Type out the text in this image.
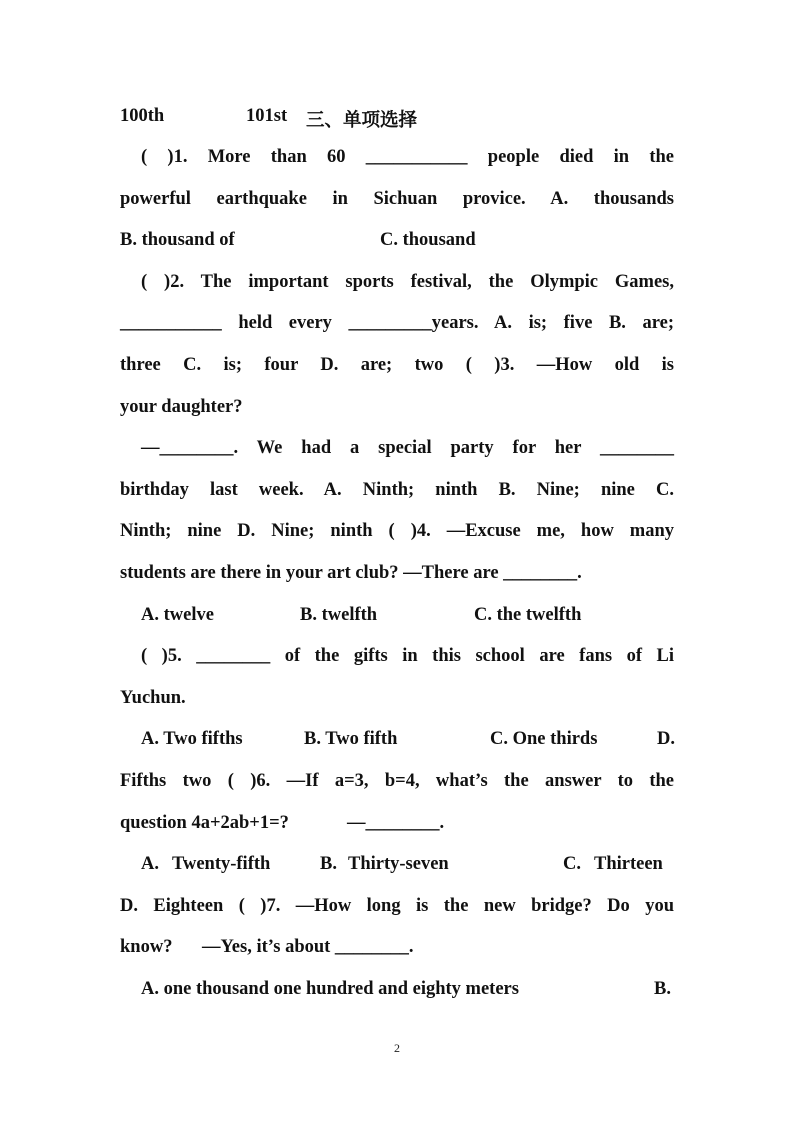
100th	101st 三、单项选择
( )1. More than 60 ___________ people died in the
powerful earthquake in Sichuan provice. A. thousands
B. thousand of	C. thousand
( )2. The important sports festival, the Olympic Games,
___________ held every _________years. A. is; five B. are;
three C. is; four D. are; two ( )3. —How old is
your daughter?
—________. We had a special party for her ________
birthday last week. A. Ninth; ninth B. Nine; nine C.
Ninth; nine D. Nine; ninth ( )4. —Excuse me, how many
students are there in your art club? —There are ________.
A. twelve	B. twelfth	C. the twelfth
( )5. ________ of the gifts in this school are fans of Li
Yuchun.
A. Two fifths	B. Two fifth	C. One thirds	D.
Fifths two ( )6. —If a=3, b=4, what’s the answer to the
question 4a+2ab+1=?	—________.
A. Twenty-fifth	B. Thirty-seven	C. Thirteen
D. Eighteen ( )7. —How long is the new bridge? Do you
know? —Yes, it’s about ________.
A. one thousand one hundred and eighty meters	B.
2
